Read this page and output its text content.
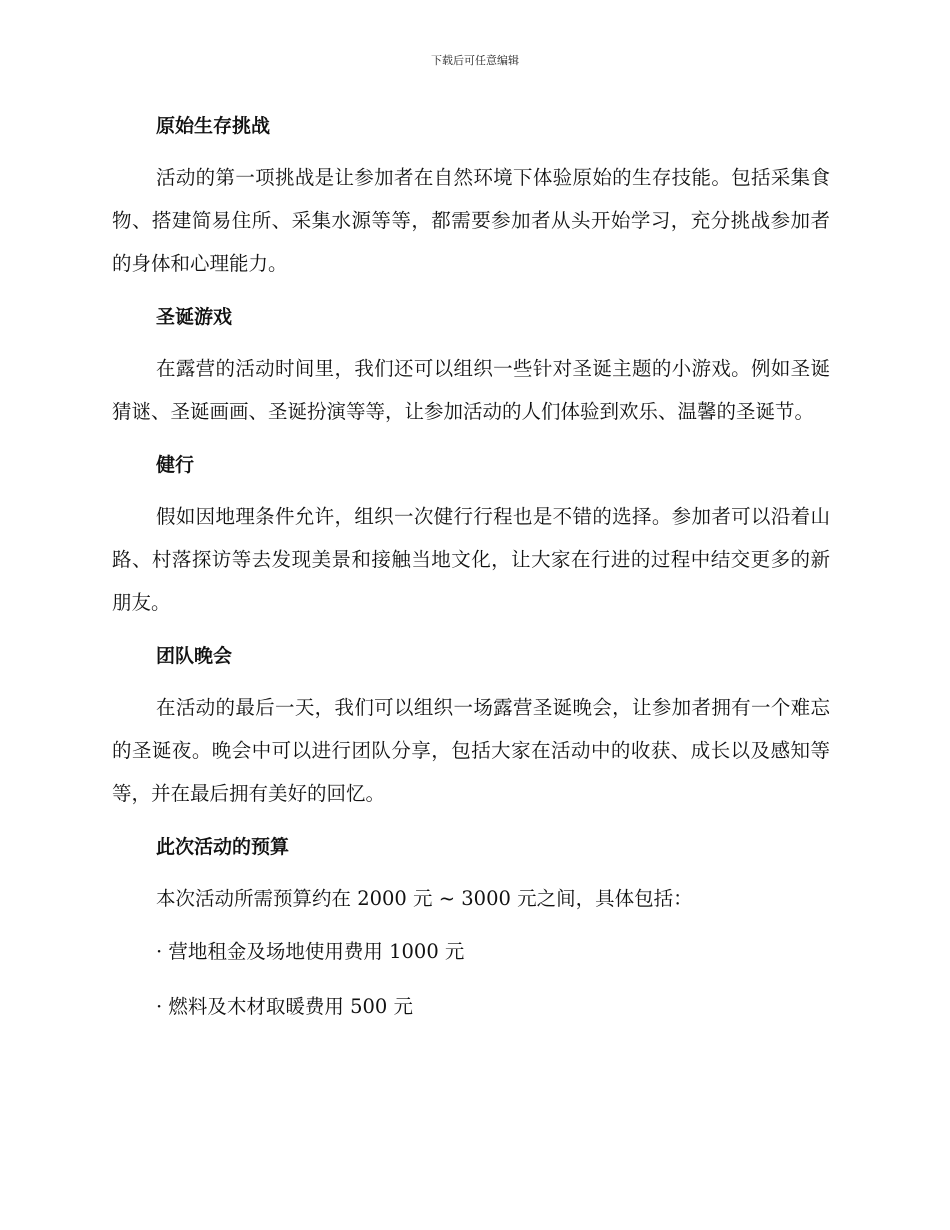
下载后可任意编辑
原始生存挑战
活动的第一项挑战是让参加者在自然环境下体验原始的生存技能。包括采集食物、搭建简易住所、采集水源等等，都需要参加者从头开始学习，充分挑战参加者的身体和心理能力。
圣诞游戏
在露营的活动时间里，我们还可以组织一些针对圣诞主题的小游戏。例如圣诞猜谜、圣诞画画、圣诞扮演等等，让参加活动的人们体验到欢乐、温馨的圣诞节。
健行
假如因地理条件允许，组织一次健行行程也是不错的选择。参加者可以沿着山路、村落探访等去发现美景和接触当地文化，让大家在行进的过程中结交更多的新朋友。
团队晚会
在活动的最后一天，我们可以组织一场露营圣诞晚会，让参加者拥有一个难忘的圣诞夜。晚会中可以进行团队分享，包括大家在活动中的收获、成长以及感知等等，并在最后拥有美好的回忆。
此次活动的预算
本次活动所需预算约在 2000 元 ~ 3000 元之间，具体包括：
· 营地租金及场地使用费用 1000 元
· 燃料及木材取暖费用 500 元
